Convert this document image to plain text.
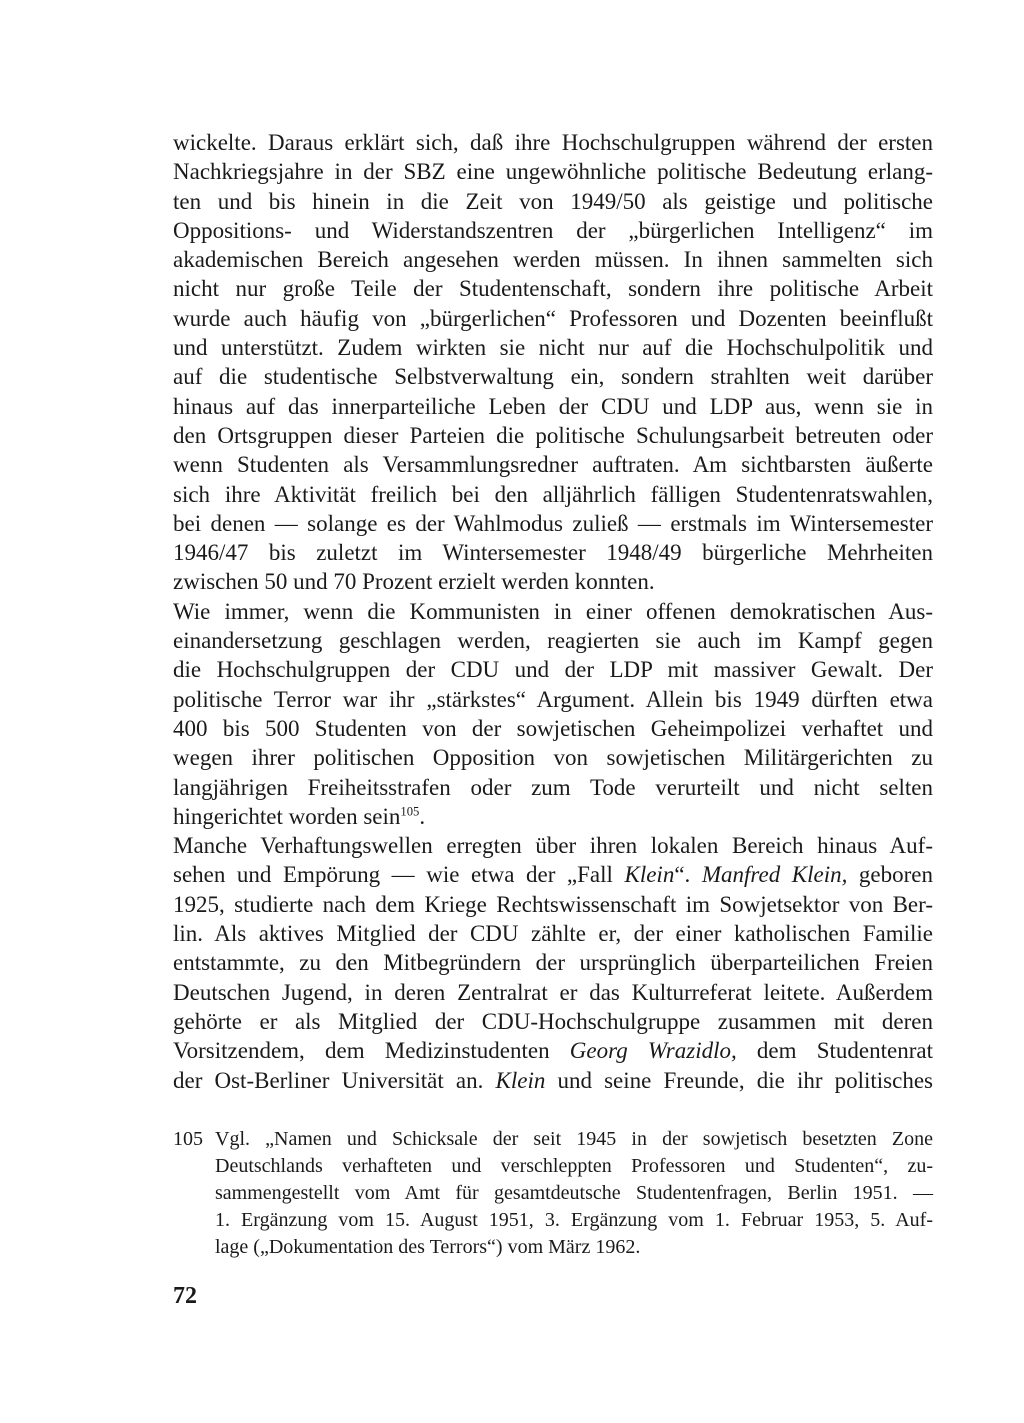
wickelte. Daraus erklärt sich, daß ihre Hochschulgruppen während der ersten
Nachkriegsjahre in der SBZ eine ungewöhnliche politische Bedeutung erlang-
ten und bis hinein in die Zeit von 1949/50 als geistige und politische
Oppositions- und Widerstandszentren der „bürgerlichen Intelligenz“ im
akademischen Bereich angesehen werden müssen. In ihnen sammelten sich
nicht nur große Teile der Studentenschaft, sondern ihre politische Arbeit
wurde auch häufig von „bürgerlichen“ Professoren und Dozenten beeinflußt
und unterstützt. Zudem wirkten sie nicht nur auf die Hochschulpolitik und
auf die studentische Selbstverwaltung ein, sondern strahlten weit darüber
hinaus auf das innerparteiliche Leben der CDU und LDP aus, wenn sie in
den Ortsgruppen dieser Parteien die politische Schulungsarbeit betreuten oder
wenn Studenten als Versammlungsredner auftraten. Am sichtbarsten äußerte
sich ihre Aktivität freilich bei den alljährlich fälligen Studentenratswahlen,
bei denen — solange es der Wahlmodus zuließ — erstmals im Wintersemester
1946/47 bis zuletzt im Wintersemester 1948/49 bürgerliche Mehrheiten
zwischen 50 und 70 Prozent erzielt werden konnten.
Wie immer, wenn die Kommunisten in einer offenen demokratischen Aus-
einandersetzung geschlagen werden, reagierten sie auch im Kampf gegen
die Hochschulgruppen der CDU und der LDP mit massiver Gewalt. Der
politische Terror war ihr „stärkstes“ Argument. Allein bis 1949 dürften etwa
400 bis 500 Studenten von der sowjetischen Geheimpolizei verhaftet und
wegen ihrer politischen Opposition von sowjetischen Militärgerichten zu
langjährigen Freiheitsstrafen oder zum Tode verurteilt und nicht selten
hingerichtet worden sein$^{105}$.
Manche Verhaftungswellen erregten über ihren lokalen Bereich hinaus Auf-
sehen und Empörung — wie etwa der „Fall Klein“. Manfred Klein, geboren
1925, studierte nach dem Kriege Rechtswissenschaft im Sowjetsektor von Ber-
lin. Als aktives Mitglied der CDU zählte er, der einer katholischen Familie
entstammte, zu den Mitbegründern der ursprünglich überparteilichen Freien
Deutschen Jugend, in deren Zentralrat er das Kulturreferat leitete. Außerdem
gehörte er als Mitglied der CDU-Hochschulgruppe zusammen mit deren
Vorsitzendem, dem Medizinstudenten Georg Wrazidlo, dem Studentenrat
der Ost-Berliner Universität an. Klein und seine Freunde, die ihr politisches
105 Vgl. „Namen und Schicksale der seit 1945 in der sowjetisch besetzten Zone
Deutschlands verhafteten und verschleppten Professoren und Studenten“, zu-
sammengestellt vom Amt für gesamtdeutsche Studentenfragen, Berlin 1951. —
1. Ergänzung vom 15. August 1951, 3. Ergänzung vom 1. Februar 1953, 5. Auf-
lage („Dokumentation des Terrors“) vom März 1962.
72
